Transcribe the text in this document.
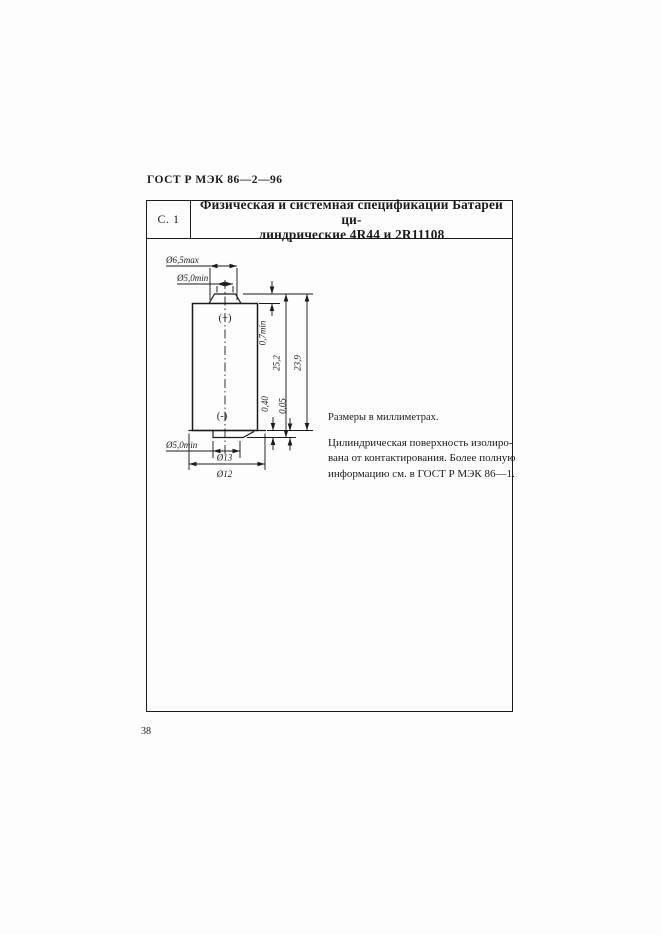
ГОСТ Р МЭК 86—2—96
С. 1
Физическая и системная спецификации Батареи ци-
линдрические 4R44 и 2R11108
(+)
(-)
Ø6,5max
Ø5,0min
0,7min
25,2 23,9
0,40 0,05
Ø5,0min
Ø13
Ø12
Размеры в миллиметрах.
Цилиндрическая поверхность изолиро-
вана от контактирования. Более полную
информацию см. в ГОСТ Р МЭК 86—1.
38
